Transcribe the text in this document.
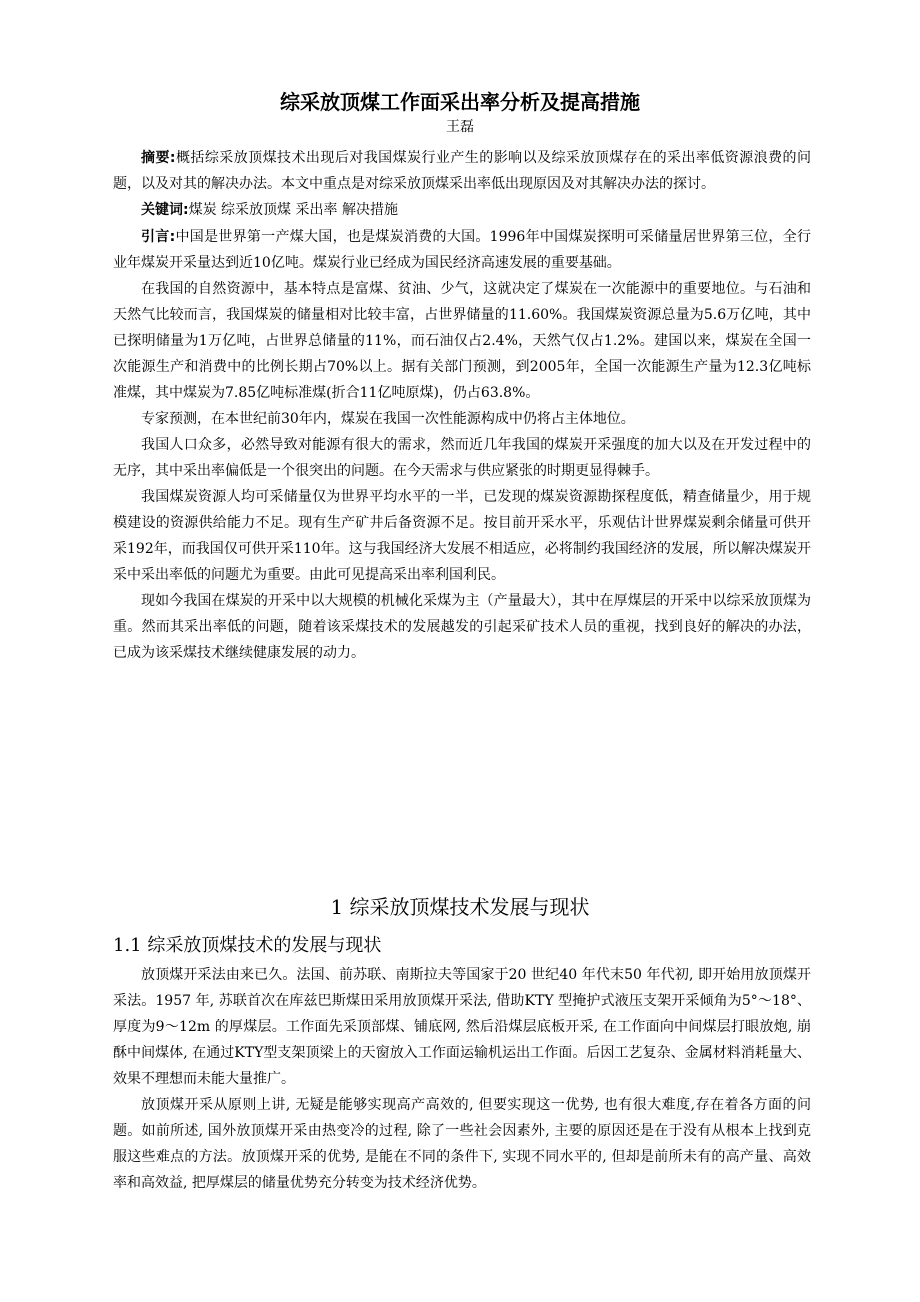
综采放顶煤工作面采出率分析及提高措施
王磊

摘要:概括综采放顶煤技术出现后对我国煤炭行业产生的影响以及综采放顶煤存在的采出率低资源浪费的问题，以及对其的解决办法。本文中重点是对综采放顶煤采出率低出现原因及对其解决办法的探讨。

关键词:煤炭 综采放顶煤 采出率 解决措施

引言:中国是世界第一产煤大国，也是煤炭消费的大国。1996年中国煤炭探明可采储量居世界第三位，全行业年煤炭开采量达到近10亿吨。煤炭行业已经成为国民经济高速发展的重要基础。

在我国的自然资源中，基本特点是富煤、贫油、少气，这就决定了煤炭在一次能源中的重要地位。与石油和天然气比较而言，我国煤炭的储量相对比较丰富，占世界储量的11.60%。我国煤炭资源总量为5.6万亿吨，其中已探明储量为1万亿吨，占世界总储量的11%，而石油仅占2.4%，天然气仅占1.2%。建国以来，煤炭在全国一次能源生产和消费中的比例长期占70%以上。据有关部门预测，到2005年，全国一次能源生产量为12.3亿吨标准煤，其中煤炭为7.85亿吨标准煤(折合11亿吨原煤)，仍占63.8%。

专家预测，在本世纪前30年内，煤炭在我国一次性能源构成中仍将占主体地位。

我国人口众多，必然导致对能源有很大的需求，然而近几年我国的煤炭开采强度的加大以及在开发过程中的无序，其中采出率偏低是一个很突出的问题。在今天需求与供应紧张的时期更显得棘手。

我国煤炭资源人均可采储量仅为世界平均水平的一半，已发现的煤炭资源勘探程度低，精查储量少，用于规模建设的资源供给能力不足。现有生产矿井后备资源不足。按目前开采水平，乐观估计世界煤炭剩余储量可供开采192年，而我国仅可供开采110年。这与我国经济大发展不相适应，必将制约我国经济的发展，所以解决煤炭开采中采出率低的问题尤为重要。由此可见提高采出率利国利民。

现如今我国在煤炭的开采中以大规模的机械化采煤为主（产量最大），其中在厚煤层的开采中以综采放顶煤为重。然而其采出率低的问题，随着该采煤技术的发展越发的引起采矿技术人员的重视，找到良好的解决的办法，已成为该采煤技术继续健康发展的动力。

1 综采放顶煤技术发展与现状
1.1 综采放顶煤技术的发展与现状

放顶煤开采法由来已久。法国、前苏联、南斯拉夫等国家于20 世纪40 年代末50 年代初, 即开始用放顶煤开采法。1957 年, 苏联首次在库兹巴斯煤田采用放顶煤开采法, 借助KTY 型掩护式液压支架开采倾角为5°～18°、厚度为9～12m 的厚煤层。工作面先采顶部煤、铺底网, 然后沿煤层底板开采, 在工作面向中间煤层打眼放炮, 崩酥中间煤体, 在通过KTY型支架顶梁上的天窗放入工作面运输机运出工作面。后因工艺复杂、金属材料消耗量大、效果不理想而未能大量推广。

放顶煤开采从原则上讲, 无疑是能够实现高产高效的, 但要实现这一优势, 也有很大难度,存在着各方面的问题。如前所述, 国外放顶煤开采由热变冷的过程, 除了一些社会因素外, 主要的原因还是在于没有从根本上找到克服这些难点的方法。放顶煤开采的优势, 是能在不同的条件下, 实现不同水平的, 但却是前所未有的高产量、高效率和高效益, 把厚煤层的储量优势充分转变为技术经济优势。
